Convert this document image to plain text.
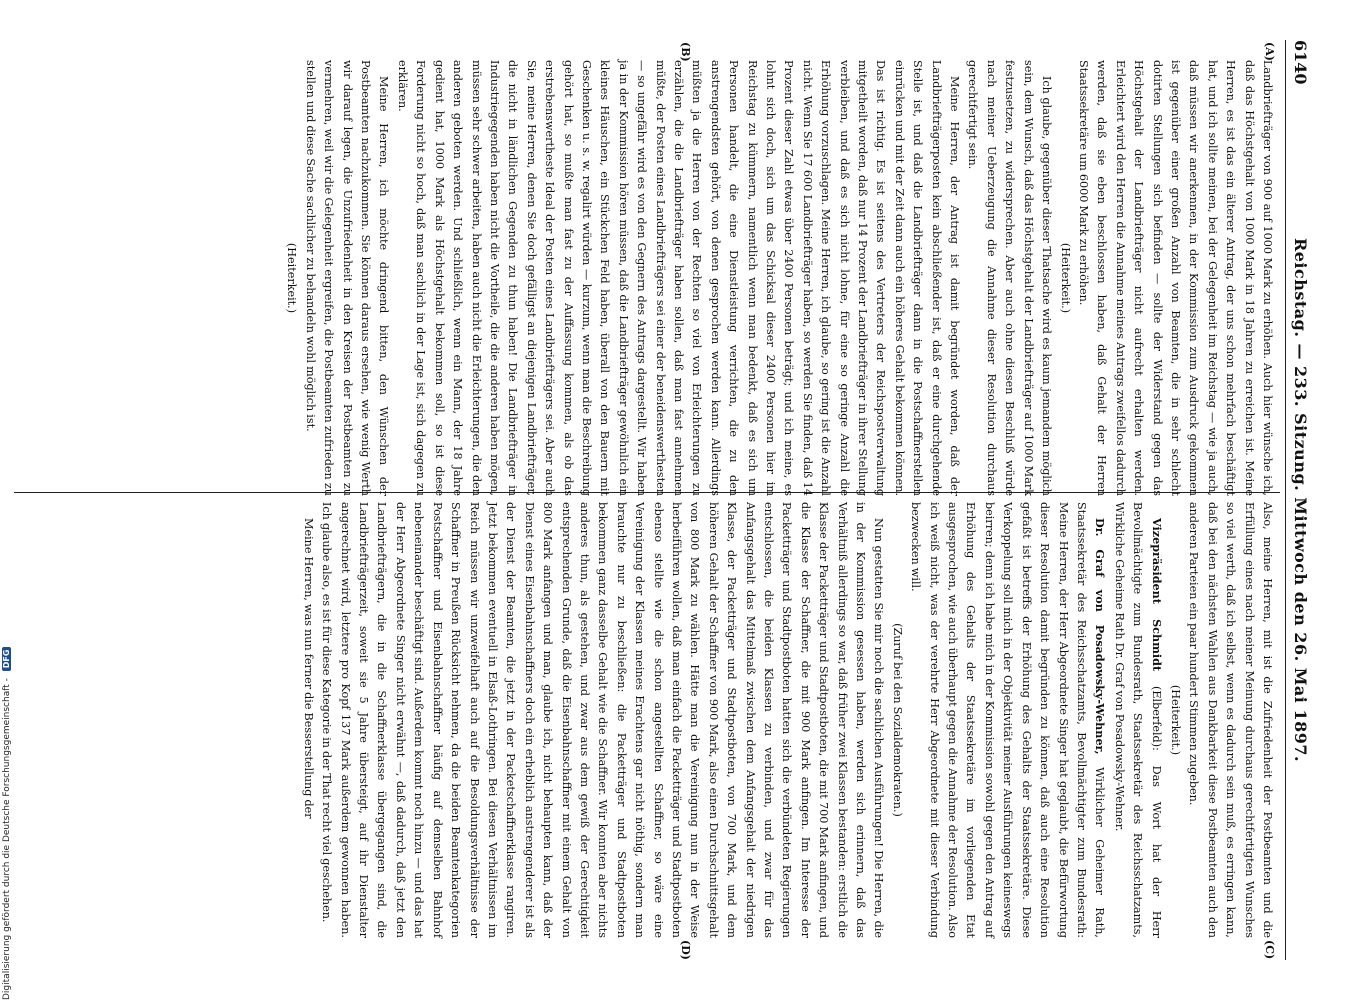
6140
Reichstag. — 233. Sitzung. Mittwoch den 26. Mai 1897.
(A)
(B)
(C)
(D)

Landbriefträger von 900 auf 1000 Mark zu erhöhen. Auch hier wünsche ich, daß das Höchstgehalt von 1000 Mark in 18 Jahren zu erreichen ist. Meine Herren, es ist das ein älterer Antrag, der uns schon mehrfach beschäftigt hat, und ich sollte meinen, bei der Gelegenheit im Reichstag — wie ja auch, daß müssen wir anerkennen, in der Kommission zum Ausdruck gekommen ist gegenüber einer großen Anzahl von Beamten, die in sehr schlecht dotirten Stellungen sich befinden — sollte der Widerstand gegen das Höchstgehalt der Landbriefträger nicht aufrecht erhalten werden. Erleichtert wird den Herren die Annahme meines Antrags zweifellos dadurch werden, daß sie eben beschlossen haben, daß Gehalt der Herren Staatssekretäre um 6000 Mark zu erhöhen.

(Heiterkeit.)

Ich glaube, gegenüber dieser Thatsache wird es kaum jemandem möglich sein, dem Wunsch, daß das Höchstgehalt der Landbriefträger auf 1000 Mark festzusetzen, zu widersprechen. Aber auch ohne diesen Beschluß würde nach meiner Ueberzeugung die Annahme dieser Resolution durchaus gerechtfertigt sein.

Meine Herren, der Antrag ist damit begründet worden, daß der Landbriefträgerposten kein abschließender ist, daß er eine durchgehende Stelle ist, und daß die Landbriefträger dann in die Postschaffnerstellen einrücken und mit der Zeit dann auch ein höheres Gehalt bekommen können. Das ist richtig. Es ist seitens des Vertreters der Reichspostverwaltung mitgetheilt worden, daß nur 14 Prozent der Landbriefträger in ihrer Stellung verbleiben, und daß es sich nicht lohne, für eine so geringe Anzahl die Erhöhung vorzuschlagen. Meine Herren, ich glaube, so gering ist die Anzahl nicht. Wenn Sie 17 600 Landbriefträger haben, so werden Sie finden, daß 14 Prozent dieser Zahl etwas über 2400 Personen beträgt; und ich meine, es lohnt sich doch, sich um das Schicksal dieser 2400 Personen hier im Reichstag zu kümmern, namentlich wenn man bedenkt, daß es sich um Personen handelt, die eine Dienstleistung verrichten, die zu den anstrengendsten gehört, von denen gesprochen werden kann. Allerdings müßten ja die Herren von der Rechten so viel von Erleichterungen zu erzählen, die die Landbriefträger haben sollen, daß man fast annehmen müßte, der Posten eines Landbriefträgers sei einer der beneidenswerthesten — so ungefähr wird es von den Gegnern des Antrags dargestellt. Wir haben ja in der Kommission hören müssen, daß die Landbriefträger gewöhnlich ein kleines Häuschen, ein Stückchen Feld haben, überall von den Bauern mit Geschenken u. s. w. regalirt würden — kurzum, wenn man die Beschreibung gehört hat, so mußte man fast zu der Auffassung kommen, als ob das erstrebenswertheste Ideal der Posten eines Landbriefträgers sei. Aber auch Sie, meine Herren, denen Sie doch gefälligst an diejenigen Landbriefträger, die nicht in ländlichen Gegenden zu thun haben! Die Landbriefträger in Industriegegenden haben nicht die Vortheile, die die anderen haben mögen, müssen sehr schwer arbeiten, haben auch nicht die Erleichterungen, die den anderen geboten werden. Und schließlich, wenn ein Mann, der 18 Jahre gedient hat, 1000 Mark als Höchstgehalt bekommen soll, so ist diese Forderung nicht so hoch, daß man sachlich in der Lage ist, sich dagegen zu erklären.

Meine Herren, ich möchte dringend bitten, den Wünschen der Postbeamten nachzukommen. Sie können daraus ersehen, wie wenig Werth wir darauf legen, die Unzufriedenheit in den Kreisen der Postbeamten zu vermehren, weil wir die Gelegenheit ergreifen, die Postbeamten zufrieden zu stellen und diese Sache sachlicher zu behandeln wohl möglich ist.

(Heiterkeit.)

Also, meine Herren, mit ist die Zufriedenheit der Postbeamten und die Erfüllung eines nach meiner Meinung durchaus gerechtfertigten Wunsches so viel werth, daß ich selbst, wenn es dadurch sein muß, es erringen kann, daß bei den nächsten Wahlen aus Dankbarkeit diese Postbeamten auch den anderen Parteien ein paar hundert Stimmen zugeben.

(Heiterkeit.)

Vizepräsident Schmidt (Elberfeld): Das Wort hat der Herr Bevollmächtigte zum Bundesrath, Staatssekretär des Reichsschatzamts, Wirkliche Geheime Rath Dr. Graf von Posadowsky-Wehner.

Dr. Graf von Posadowsky-Wehner, Wirklicher Geheimer Rath, Staatssekretär des Reichsschatzamts, Bevollmächtigter zum Bundesrath: Meine Herren, der Herr Abgeordnete Singer hat geglaubt, die Befürwortung dieser Resolution damit begründen zu können, daß auch eine Resolution gefaßt ist betreffs der Erhöhung des Gehalts der Staatssekretäre. Diese Verkoppelung soll mich in der Objektivität meiner Ausführungen keineswegs beirren; denn ich habe mich in der Kommission sowohl gegen den Antrag auf Erhöhung des Gehalts der Staatssekretäre im vorliegenden Etat ausgesprochen, wie auch überhaupt gegen die Annahme der Resolution. Also ich weiß nicht, was der verehrte Herr Abgeordnete mit dieser Verbindung bezwecken will.

(Zuruf bei den Sozialdemokraten.)

Nun gestatten Sie mir noch die sachlichen Ausführungen! Die Herren, die in der Kommission gesessen haben, werden sich erinnern, daß das Verhältniß allerdings so war, daß früher zwei Klassen bestanden: erstlich die Klasse der Packetträger und Stadtpostboten, die mit 700 Mark anfingen, und die Klasse der Schaffner, die mit 900 Mark anfingen. Im Interesse der Packetträger und Stadtpostboten hatten sich die verbündeten Regierungen entschlossen, die beiden Klassen zu verbinden, und zwar für das Anfangsgehalt das Mittelmaß zwischen dem Anfangsgehalt der niedrigen Klasse, der Packetträger und Stadtpostboten, von 700 Mark, und dem höheren Gehalt der Schaffner von 900 Mark, also einen Durchschnittsgehalt von 800 Mark zu wählen. Hätte man die Vereinigung nun in der Weise herbeiführen wollen, daß man einfach die Packetträger und Stadtpostboten ebenso stellte wie die schon angestellten Schaffner, so wäre eine Vereinigung der Klassen meines Erachtens gar nicht nöthig, sondern man brauchte nur zu beschließen: die Packetträger und Stadtpostboten bekommen ganz dasselbe Gehalt wie die Schaffner. Wir konnten aber nichts anderes thun, als gestehen, und zwar aus dem gewiß der Gerechtigkeit entsprechenden Grunde, daß die Eisenbahnschaffner mit einem Gehalt von 800 Mark anfangen und man, glaube ich, nicht behaupten kann, daß der Dienst eines Eisenbahnschaffners doch ein erheblich anstrengenderer ist als der Dienst der Beamten, die jetzt in der Packetschaffnerklasse rangiren. Jetzt bekommen eventuell in Elsaß-Lothringen. Bei diesen Verhältnissen im Reich müssen wir unzweifelhaft auch auf die Besoldungsverhältnisse der Schaffner in Preußen Rücksicht nehmen, da die beiden Beamtenkategorien Postschaffner und Eisenbahnschaffner häufig auf demselben Bahnhof nebeneinander beschäftigt sind. Außerdem kommt noch hinzu — und das hat der Herr Abgeordnete Singer nicht erwähnt —, daß dadurch, daß jetzt den Landbriefträgern, die in die Schaffnerklasse übergegangen sind, die Landbriefträgerzeit, soweit sie 5 Jahre übersteigt, auf ihr Dienstalter angerechnet wird, letztere pro Kopf 137 Mark außerdem gewonnen haben. Ich glaube also, es ist für diese Kategorie in der That recht viel geschehen.

Meine Herren, was nun ferner die Besserstellung der

Digitalisierung gefördert durch die Deutsche Forschungsgemeinschaft - DFG
